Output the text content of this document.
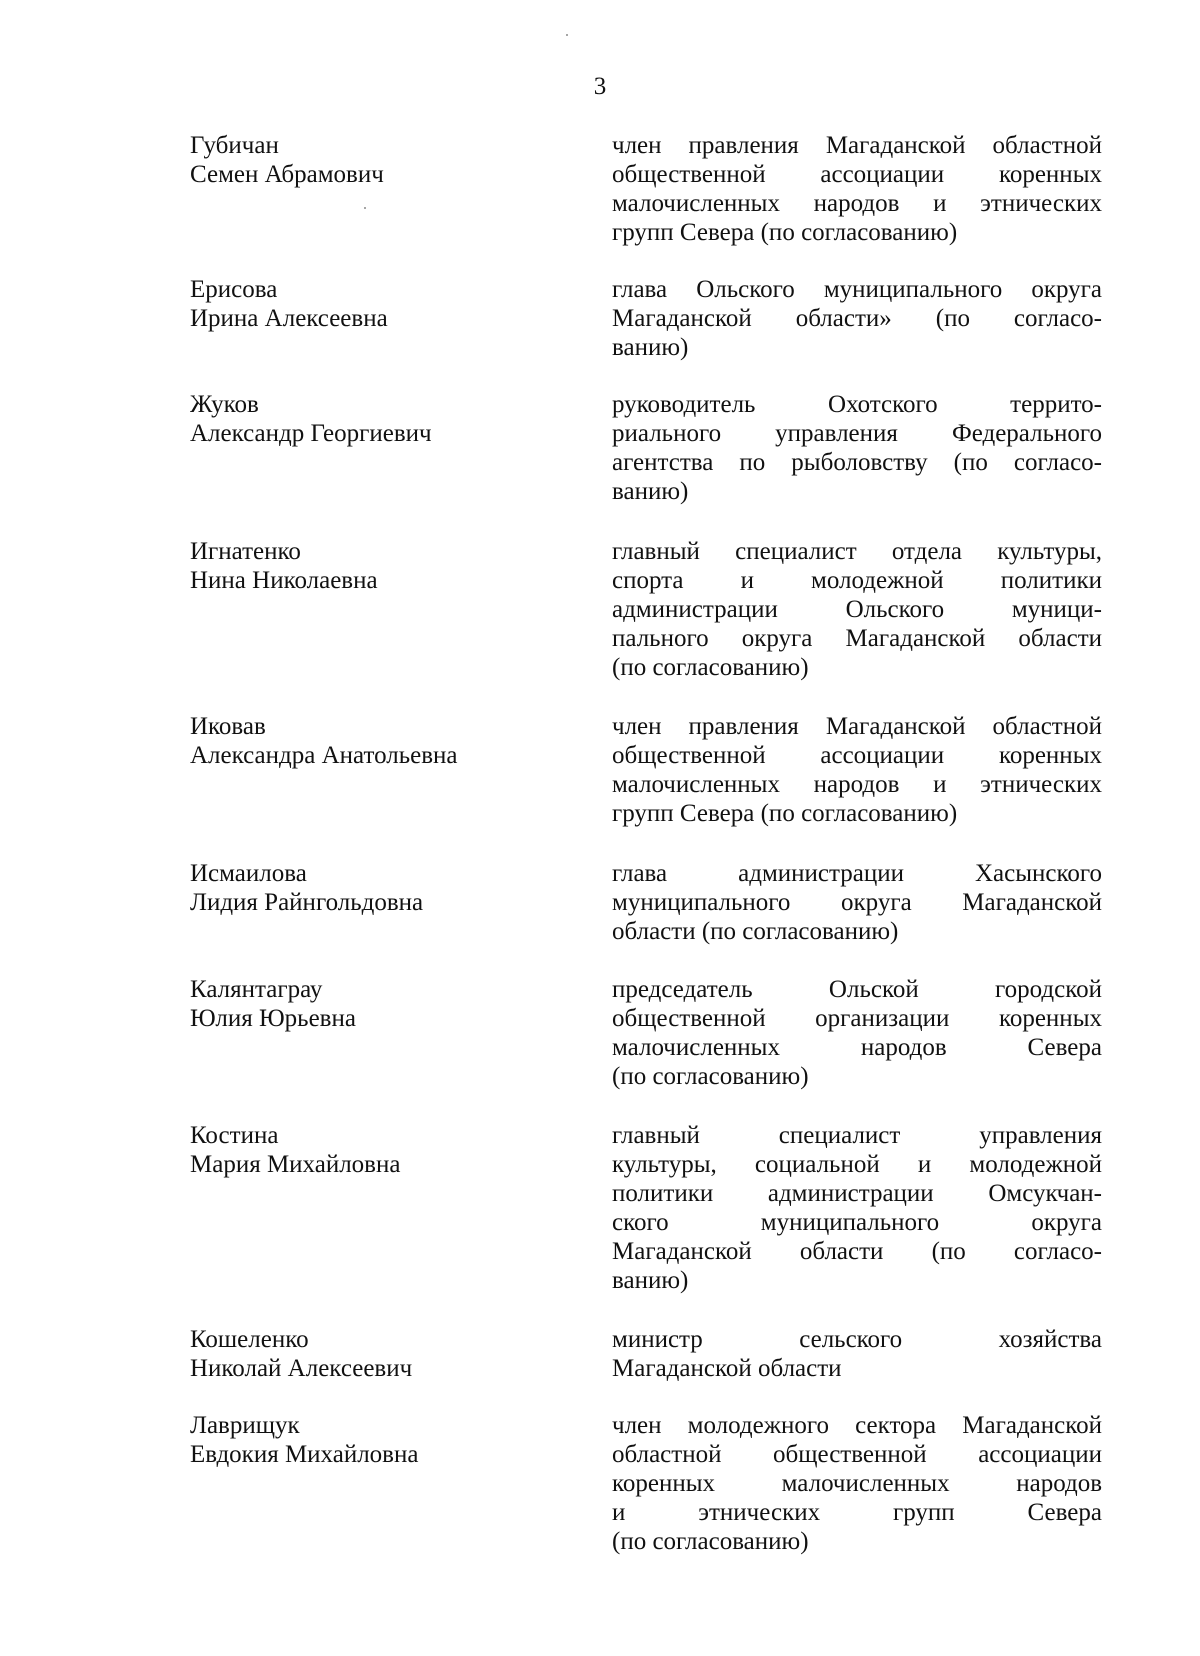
3
Губичан
Семен Абрамович
член правления Магаданской областной
общественной ассоциации коренных
малочисленных народов и этнических
групп Севера (по согласованию)
Ерисова
Ирина Алексеевна
глава Ольского муниципального округа
Магаданской области» (по согласо-
ванию)
Жуков
Александр Георгиевич
руководитель Охотского террито-
риального управления Федерального
агентства по рыболовству (по согласо-
ванию)
Игнатенко
Нина Николаевна
главный специалист отдела культуры,
спорта и молодежной политики
администрации Ольского муници-
пального округа Магаданской области
(по согласованию)
Иковав
Александра Анатольевна
член правления Магаданской областной
общественной ассоциации коренных
малочисленных народов и этнических
групп Севера (по согласованию)
Исмаилова
Лидия Райнгольдовна
глава администрации Хасынского
муниципального округа Магаданской
области (по согласованию)
Калянтаграу
Юлия Юрьевна
председатель Ольской городской
общественной организации коренных
малочисленных народов Севера
(по согласованию)
Костина
Мария Михайловна
главный специалист управления
культуры, социальной и молодежной
политики администрации Омсукчан-
ского муниципального округа
Магаданской области (по согласо-
ванию)
Кошеленко
Николай Алексеевич
министр сельского хозяйства
Магаданской области
Лаврищук
Евдокия Михайловна
член молодежного сектора Магаданской
областной общественной ассоциации
коренных малочисленных народов
и этнических групп Севера
(по согласованию)
